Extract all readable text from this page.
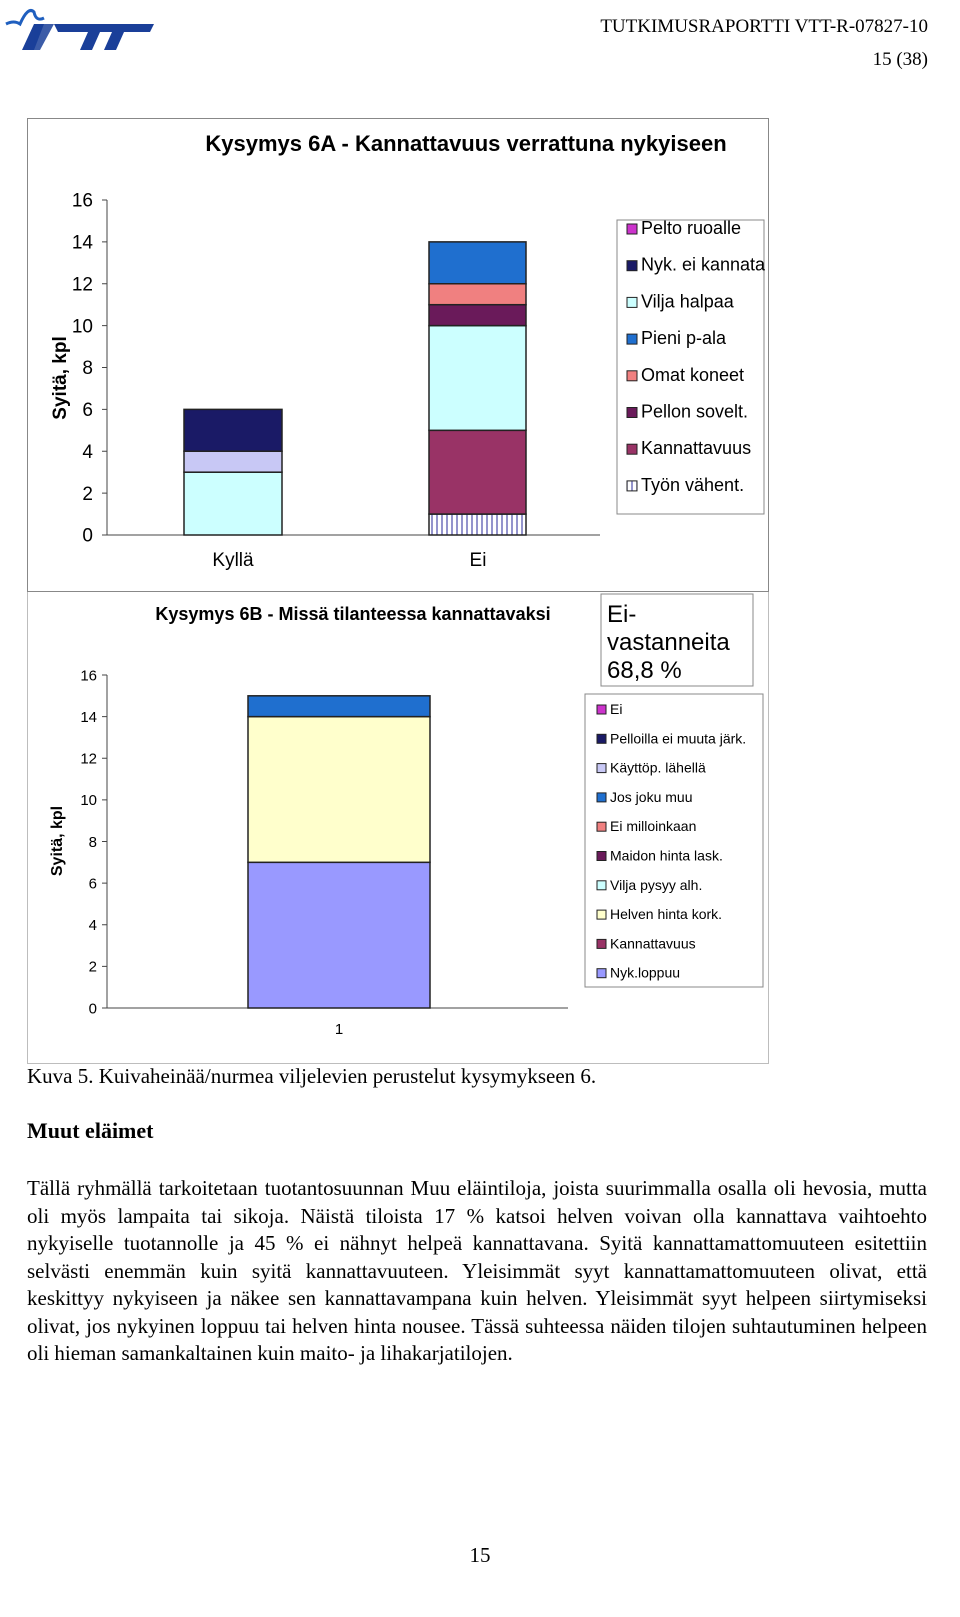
VTT	TUTKIMUSRAPORTTI VTT-R-07827-10
15 (38)
Kysymys 6A - Kannattavuus verrattuna nykyiseen
Syitä, kpl
0
2
4
6
8
10
12
14
16
Kyllä	Ei
Pelto ruoalle
Nyk. ei kannata
Vilja halpaa
Pieni p-ala
Omat koneet
Pellon sovelt.
Kannattavuus
Työn vähent.
Kysymys 6B - Missä tilanteessa kannattavaksi
Syitä, kpl
0
2
4
6
8
10
12
14
16
1
Ei-
vastanneita
68,8 %
Ei
Pelloilla ei muuta järk.
Käyttöp. lähellä
Jos joku muu
Ei milloinkaan
Maidon hinta lask.
Vilja pysyy alh.
Helven hinta kork.
Kannattavuus
Nyk.loppuu
Kuva 5. Kuivaheinää/nurmea viljelevien perustelut kysymykseen 6.
Muut eläimet
Tällä ryhmällä tarkoitetaan tuotantosuunnan Muu eläintiloja, joista suurimmalla osalla oli hevosia, mutta oli myös lampaita tai sikoja. Näistä tiloista 17 % katsoi helven voivan olla kannattava vaihtoehto nykyiselle tuotannolle ja 45 % ei nähnyt helpeä kannattavana. Syitä kannattamattomuuteen esitettiin selvästi enemmän kuin syitä kannattavuuteen. Yleisimmät syyt kannattamattomuuteen olivat, että keskittyy nykyiseen ja näkee sen kannattavampana kuin helven. Yleisimmät syyt helpeen siirtymiseksi olivat, jos nykyinen loppuu tai helven hinta nousee. Tässä suhteessa näiden tilojen suhtautuminen helpeen oli hieman samankaltainen kuin maito- ja lihakarjatilojen.
15
